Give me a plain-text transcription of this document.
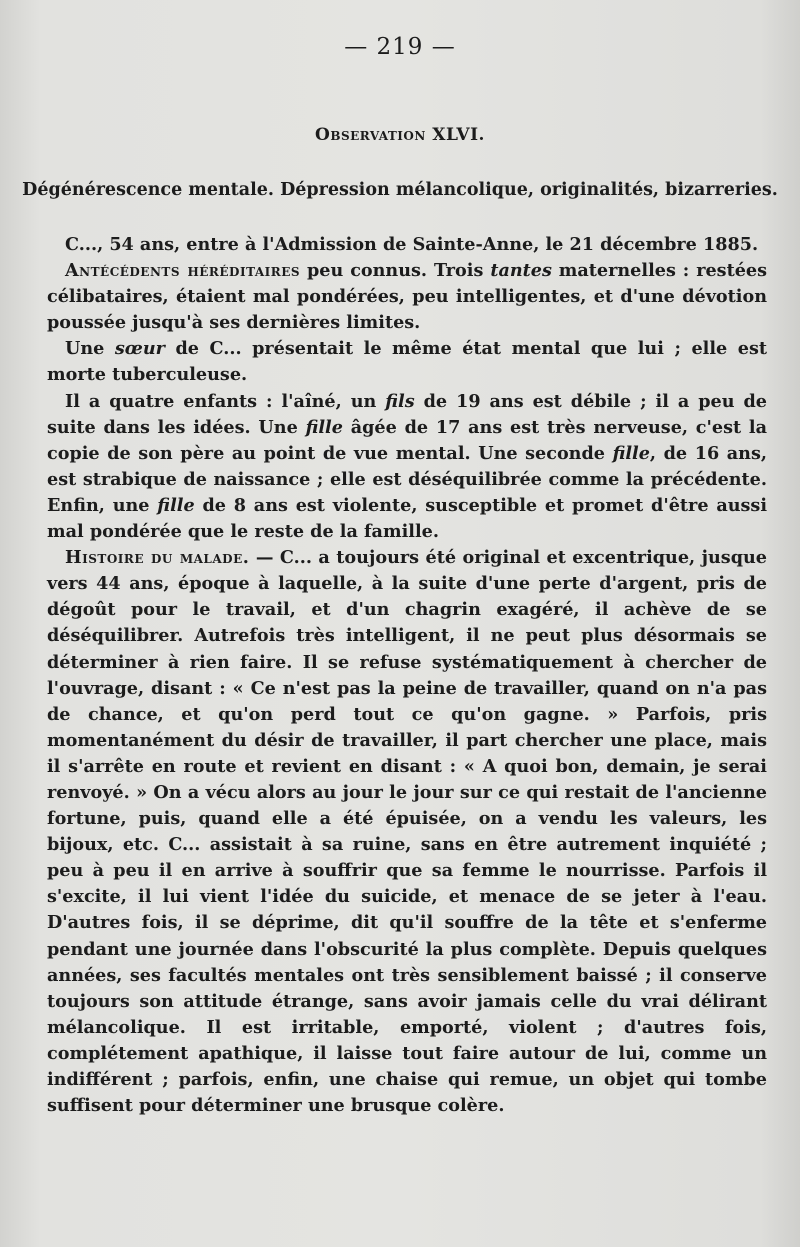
— 219 —
Observation XLVI.
Dégénérescence mentale. Dépression mélancolique, originalités, bizarreries.

C..., 54 ans, entre à l'Admission de Sainte-Anne, le 21 décembre 1885.

Antécédents héréditaires peu connus. Trois tantes maternelles : restées célibataires, étaient mal pondérées, peu intelligentes, et d'une dévotion poussée jusqu'à ses dernières limites.

Une sœur de C... présentait le même état mental que lui ; elle est morte tuberculeuse.

Il a quatre enfants : l'aîné, un fils de 19 ans est débile ; il a peu de suite dans les idées. Une fille âgée de 17 ans est très nerveuse, c'est la copie de son père au point de vue mental. Une seconde fille, de 16 ans, est strabique de naissance ; elle est déséquilibrée comme la précédente. Enfin, une fille de 8 ans est violente, susceptible et promet d'être aussi mal pondérée que le reste de la famille.

Histoire du malade. — C... a toujours été original et excentrique, jusque vers 44 ans, époque à laquelle, à la suite d'une perte d'argent, pris de dégoût pour le travail, et d'un chagrin exagéré, il achève de se déséquilibrer. Autrefois très intelligent, il ne peut plus désormais se déterminer à rien faire. Il se refuse systématiquement à chercher de l'ouvrage, disant : « Ce n'est pas la peine de travailler, quand on n'a pas de chance, et qu'on perd tout ce qu'on gagne. » Parfois, pris momentanément du désir de travailler, il part chercher une place, mais il s'arrête en route et revient en disant : « A quoi bon, demain, je serai renvoyé. » On a vécu alors au jour le jour sur ce qui restait de l'ancienne fortune, puis, quand elle a été épuisée, on a vendu les valeurs, les bijoux, etc. C... assistait à sa ruine, sans en être autrement inquiété ; peu à peu il en arrive à souffrir que sa femme le nourrisse. Parfois il s'excite, il lui vient l'idée du suicide, et menace de se jeter à l'eau. D'autres fois, il se déprime, dit qu'il souffre de la tête et s'enferme pendant une journée dans l'obscurité la plus complète. Depuis quelques années, ses facultés mentales ont très sensiblement baissé ; il conserve toujours son attitude étrange, sans avoir jamais celle du vrai délirant mélancolique. Il est irritable, emporté, violent ; d'autres fois, complétement apathique, il laisse tout faire autour de lui, comme un indifférent ; parfois, enfin, une chaise qui remue, un objet qui tombe suffisent pour déterminer une brusque colère.
